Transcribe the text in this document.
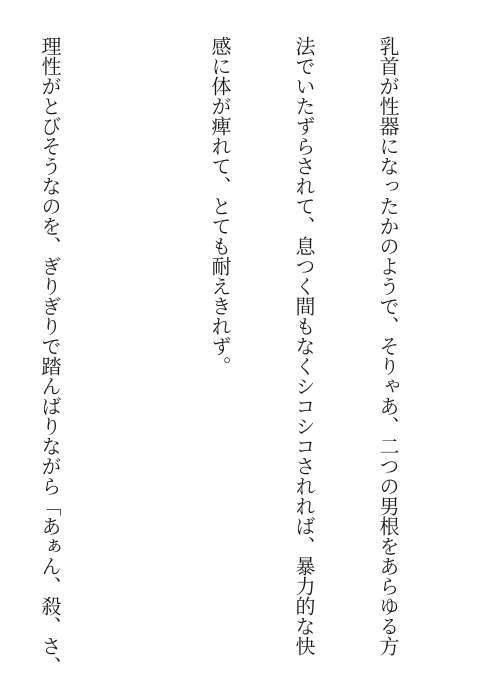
乳首が性器になったかのようで、そりゃあ、二つの男根をあらゆる方

法でいたずらされて、息つく間もなくシコシコされれば、暴力的な快

感に体が痺れて、とても耐えきれず。

理性がとびそうなのを、ぎりぎりで踏んばりながら「あぁん、殺、さ、
